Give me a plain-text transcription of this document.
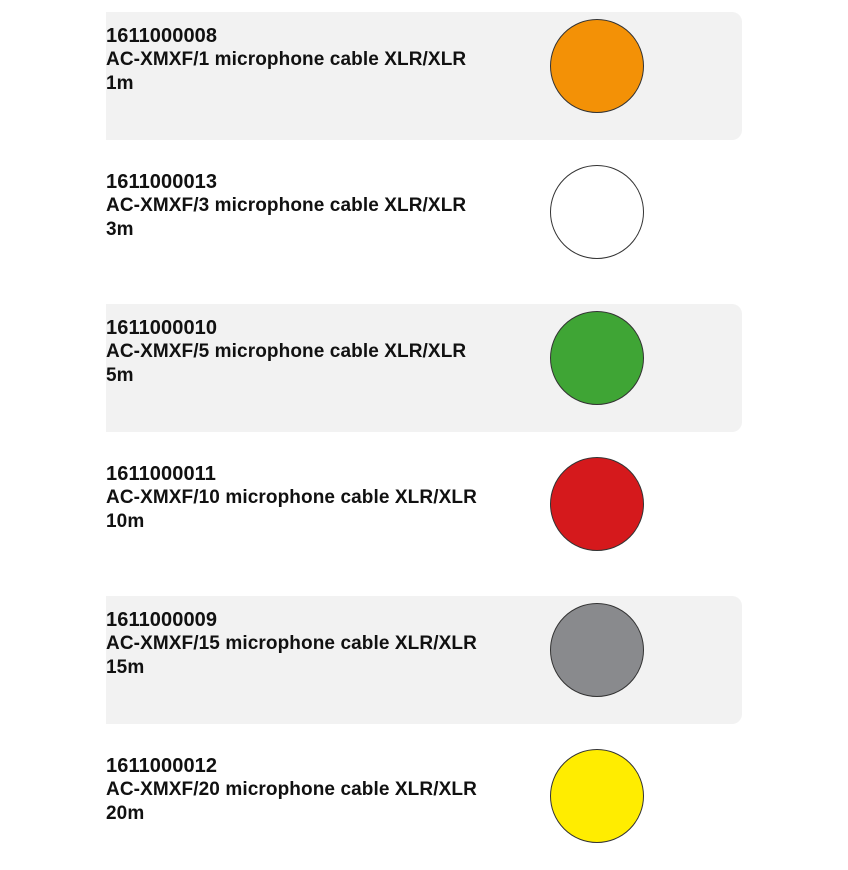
1611000008
AC-XMXF/1 microphone cable XLR/XLR
1m
1611000013
AC-XMXF/3 microphone cable XLR/XLR
3m
1611000010
AC-XMXF/5 microphone cable XLR/XLR
5m
1611000011
AC-XMXF/10 microphone cable XLR/XLR
10m
1611000009
AC-XMXF/15 microphone cable XLR/XLR
15m
1611000012
AC-XMXF/20 microphone cable XLR/XLR
20m
